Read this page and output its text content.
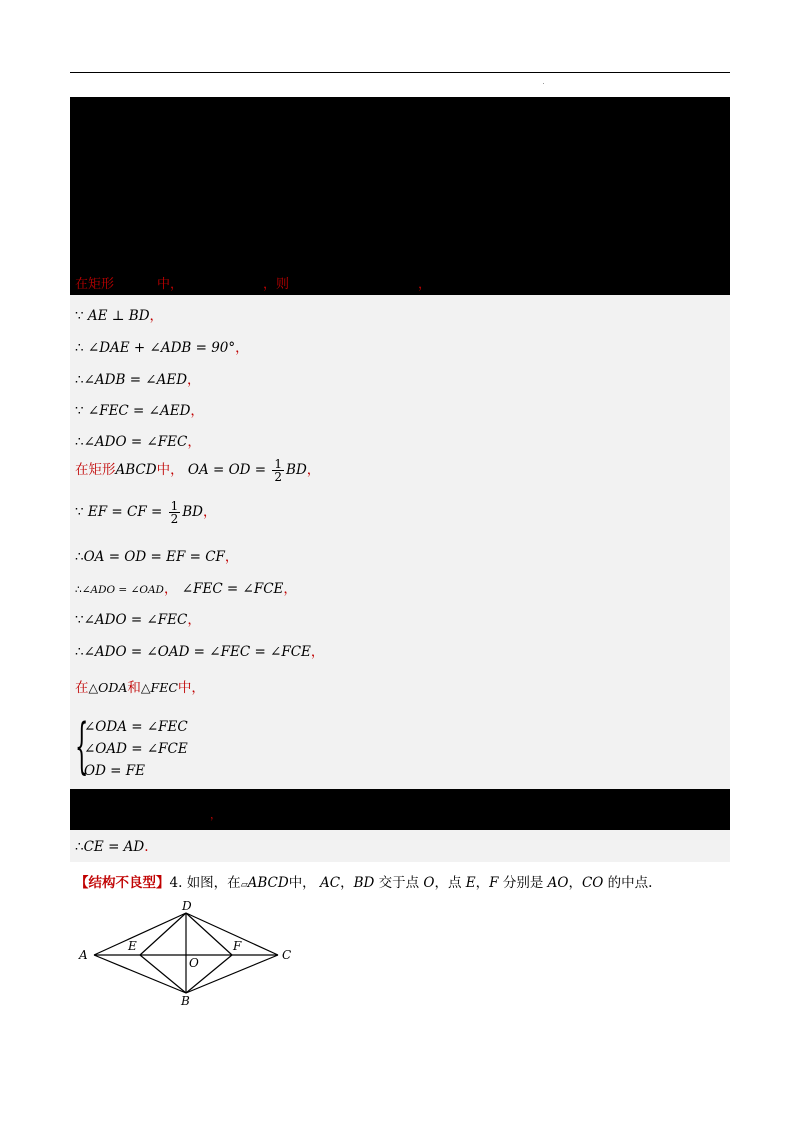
在矩形	中，	，则	，
∵ AE ⊥ BD，
∴ ∠DAE + ∠ADB = 90°，
∴∠ADB = ∠AED，
∵ ∠FEC = ∠AED，
∴∠ADO = ∠FEC，
在矩形ABCD中， OA = OD = $\frac{1}{2}$ BD，
∵ EF = CF = $\frac{1}{2}$ BD，
∴OA = OD = EF = CF，
∴∠ADO = ∠OAD， ∠FEC = ∠FCE，
∵∠ADO = ∠FEC，
∴∠ADO = ∠OAD = ∠FEC = ∠FCE，
在△ODA和△FEC中，
{
∠ODA = ∠FEC
∠OAD = ∠FCE
OD = FE
，
∴CE = AD.
【结构不良型】4. 如图，在▱ABCD中， AC，BD 交于点 O，点 E，F 分别是 AO，CO 的中点.
A
B
C
D
E	F
O
